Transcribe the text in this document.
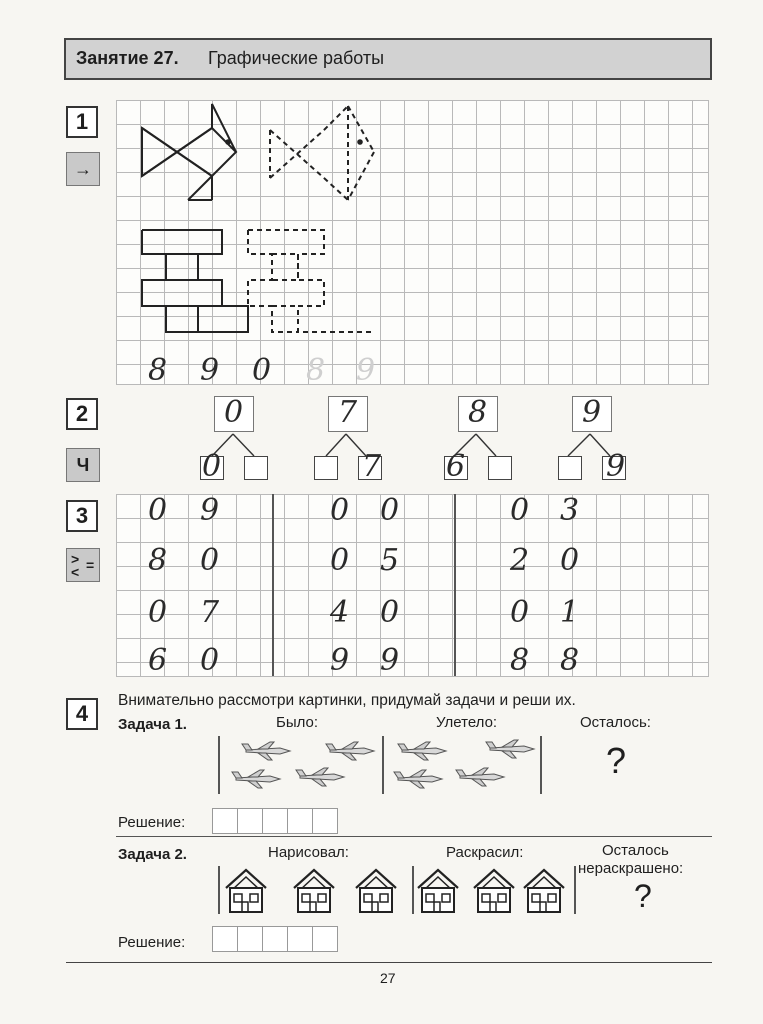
Занятие 27. Графические работы
1
→
8 9 0 8 9
2
Ч
0
0
7
7
8
6
9
9
3
>
< =
0 9
8 0
0 7
6 0
0 0
0 5
4 0
9 9
0 3
2 0
0 1
8 8
4
Внимательно рассмотри картинки, придумай задачи и реши их.
Задача 1.	Было:	Улетело:	Осталось:
?
Решение:
Задача 2.	Нарисовал:	Раскрасил:	Осталось
нераскрашено:
?
Решение:
27
